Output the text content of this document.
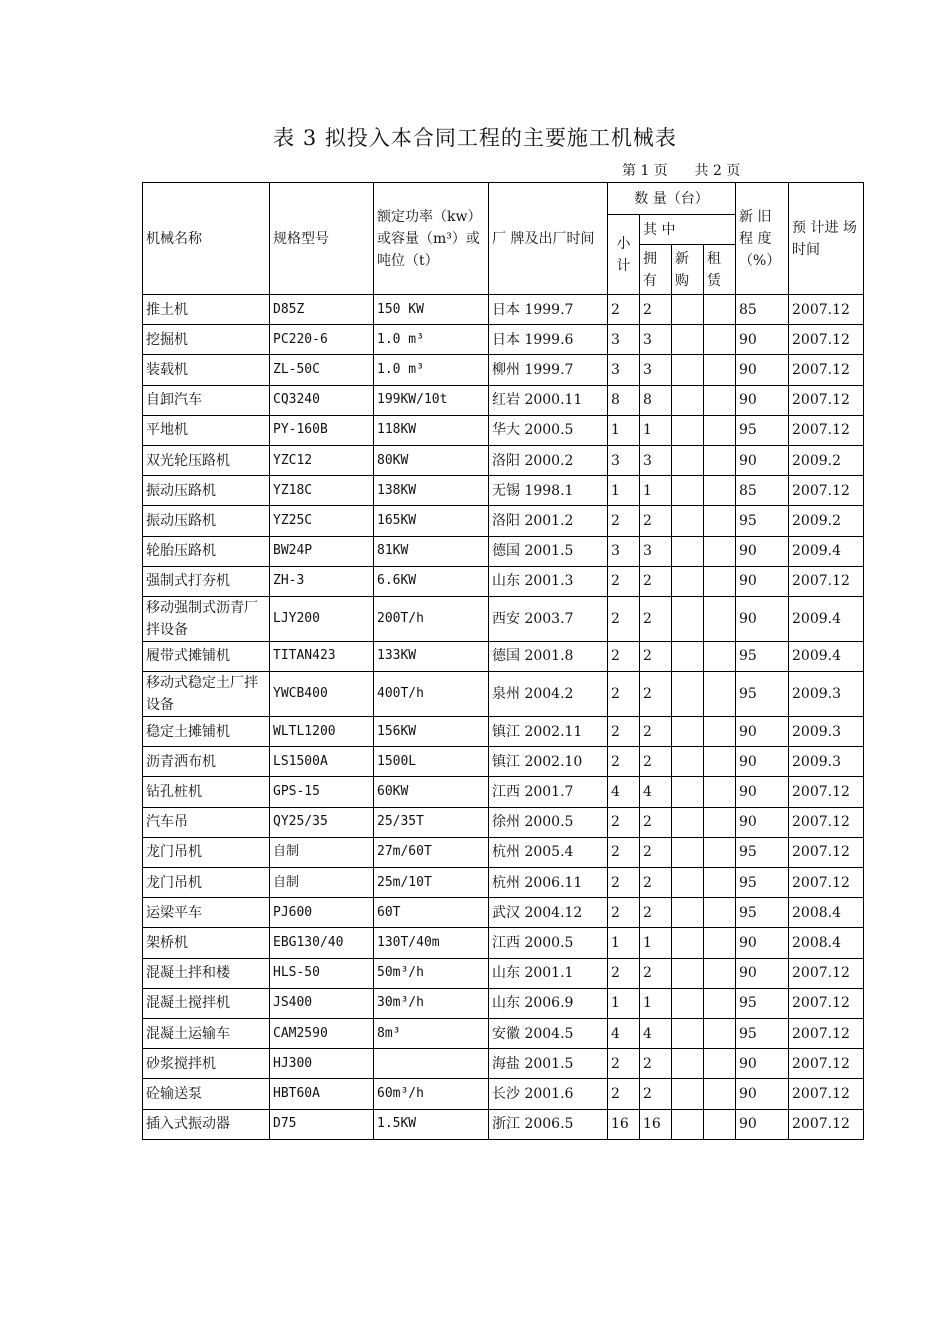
表 3 拟投入本合同工程的主要施工机械表
第 1 页 共 2 页
机械名称	规格型号	额定功率（kw）或容量（m³）或吨位（t）	厂 牌及出厂时间	数 量（台）				新 旧程 度（%）	预 计进 场时间
				小计	其 中				
					拥有	新购	租赁		
推土机	D85Z	150 KW	日本 1999.7	2	2			85	2007.12
挖掘机	PC220-6	1.0 m³	日本 1999.6	3	3			90	2007.12
装载机	ZL-50C	1.0 m³	柳州 1999.7	3	3			90	2007.12
自卸汽车	CQ3240	199KW/10t	红岩 2000.11	8	8			90	2007.12
平地机	PY-160B	118KW	华大 2000.5	1	1			95	2007.12
双光轮压路机	YZC12	80KW	洛阳 2000.2	3	3			90	2009.2
振动压路机	YZ18C	138KW	无锡 1998.1	1	1			85	2007.12
振动压路机	YZ25C	165KW	洛阳 2001.2	2	2			95	2009.2
轮胎压路机	BW24P	81KW	德国 2001.5	3	3			90	2009.4
强制式打夯机	ZH-3	6.6KW	山东 2001.3	2	2			90	2007.12
移动强制式沥青厂拌设备	LJY200	200T/h	西安 2003.7	2	2			90	2009.4
履带式摊铺机	TITAN423	133KW	德国 2001.8	2	2			95	2009.4
移动式稳定土厂拌设备	YWCB400	400T/h	泉州 2004.2	2	2			95	2009.3
稳定土摊铺机	WLTL1200	156KW	镇江 2002.11	2	2			90	2009.3
沥青洒布机	LS1500A	1500L	镇江 2002.10	2	2			90	2009.3
钻孔桩机	GPS-15	60KW	江西 2001.7	4	4			90	2007.12
汽车吊	QY25/35	25/35T	徐州 2000.5	2	2			90	2007.12
龙门吊机	自制	27m/60T	杭州 2005.4	2	2			95	2007.12
龙门吊机	自制	25m/10T	杭州 2006.11	2	2			95	2007.12
运梁平车	PJ600	60T	武汉 2004.12	2	2			95	2008.4
架桥机	EBG130/40	130T/40m	江西 2000.5	1	1			90	2008.4
混凝土拌和楼	HLS-50	50m³/h	山东 2001.1	2	2			90	2007.12
混凝土搅拌机	JS400	30m³/h	山东 2006.9	1	1			95	2007.12
混凝土运输车	CAM2590	8m³	安徽 2004.5	4	4			95	2007.12
砂浆搅拌机	HJ300		海盐 2001.5	2	2			90	2007.12
砼输送泵	HBT60A	60m³/h	长沙 2001.6	2	2			90	2007.12
插入式振动器	D75	1.5KW	浙江 2006.5	16	16			90	2007.12
